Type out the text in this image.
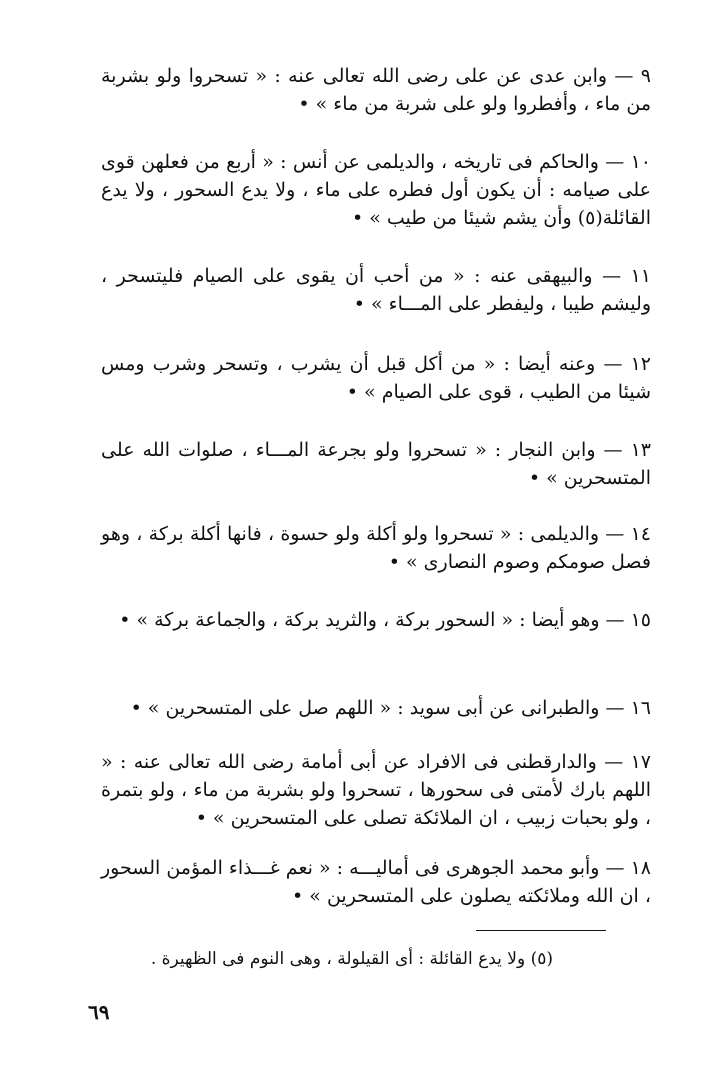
٩ — وابن عدى عن على رضى الله تعالى عنه : « تسحروا ولو بشربة من ماء ، وأفطروا ولو على شربة من ماء » •

١٠ — والحاكم فى تاريخه ، والديلمى عن أنس : « أربع من فعلهن قوى على صيامه : أن يكون أول فطره على ماء ، ولا يدع السحور ، ولا يدع القائلة(٥) وأن يشم شيئا من طيب » •

١١ — والبيهقى عنه : « من أحب أن يقوى على الصيام فليتسحر ، وليشم طيبا ، وليفطر على المـــاء » •

١٢ — وعنه أيضا : « من أكل قبل أن يشرب ، وتسحر وشرب ومس شيئا من الطيب ، قوى على الصيام » •

١٣ — وابن النجار : « تسحروا ولو بجرعة المـــاء ، صلوات الله على المتسحرين » •

١٤ — والديلمى : « تسحروا ولو أكلة ولو حسوة ، فانها أكلة بركة ، وهو فصل صومكم وصوم النصارى » •

١٥ — وهو أيضا : « السحور بركة ، والثريد بركة ، والجماعة بركة » •

١٦ — والطبرانى عن أبى سويد : « اللهم صل على المتسحرين » •

١٧ — والدارقطنى فى الافراد عن أبى أمامة رضى الله تعالى عنه : « اللهم بارك لأمتى فى سحورها ، تسحروا ولو بشربة من ماء ، ولو بتمرة ، ولو بحبات زبيب ، ان الملائكة تصلى على المتسحرين » •

١٨ — وأبو محمد الجوهرى فى أماليـــه : « نعم غـــذاء المؤمن السحور ، ان الله وملائكته يصلون على المتسحرين » •

(٥) ولا يدع القائلة : أى القيلولة ، وهى النوم فى الظهيرة .

٦٩
